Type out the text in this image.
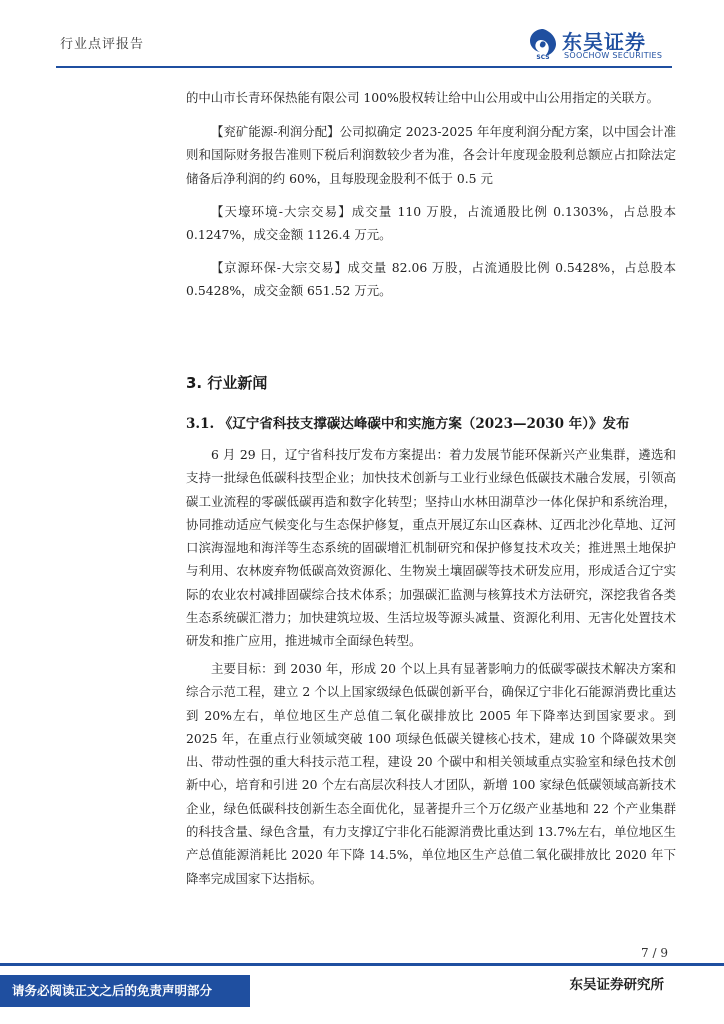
行业点评报告
SCS
东吴证券
SOOCHOW SECURITIES

的中山市长青环保热能有限公司 100%股权转让给中山公用或中山公用指定的关联方。

【兖矿能源-利润分配】公司拟确定 2023-2025 年年度利润分配方案，以中国会计准则和国际财务报告准则下税后利润数较少者为准，各会计年度现金股利总额应占扣除法定储备后净利润的约 60%，且每股现金股利不低于 0.5 元

【天壕环境-大宗交易】成交量 110 万股，占流通股比例 0.1303%，占总股本 0.1247%，成交金额 1126.4 万元。

【京源环保-大宗交易】成交量 82.06 万股，占流通股比例 0.5428%，占总股本 0.5428%，成交金额 651.52 万元。

3. 行业新闻
3.1. 《辽宁省科技支撑碳达峰碳中和实施方案（2023—2030 年）》发布

6 月 29 日，辽宁省科技厅发布方案提出：着力发展节能环保新兴产业集群，遴选和支持一批绿色低碳科技型企业；加快技术创新与工业行业绿色低碳技术融合发展，引领高碳工业流程的零碳低碳再造和数字化转型；坚持山水林田湖草沙一体化保护和系统治理，协同推动适应气候变化与生态保护修复，重点开展辽东山区森林、辽西北沙化草地、辽河口滨海湿地和海洋等生态系统的固碳增汇机制研究和保护修复技术攻关；推进黑土地保护与利用、农林废弃物低碳高效资源化、生物炭土壤固碳等技术研发应用，形成适合辽宁实际的农业农村减排固碳综合技术体系；加强碳汇监测与核算技术方法研究，深挖我省各类生态系统碳汇潜力；加快建筑垃圾、生活垃圾等源头减量、资源化利用、无害化处置技术研发和推广应用，推进城市全面绿色转型。

主要目标：到 2030 年，形成 20 个以上具有显著影响力的低碳零碳技术解决方案和综合示范工程，建立 2 个以上国家级绿色低碳创新平台，确保辽宁非化石能源消费比重达到 20%左右，单位地区生产总值二氧化碳排放比 2005 年下降率达到国家要求。到 2025 年，在重点行业领域突破 100 项绿色低碳关键核心技术，建成 10 个降碳效果突出、带动性强的重大科技示范工程，建设 20 个碳中和相关领域重点实验室和绿色技术创新中心，培育和引进 20 个左右高层次科技人才团队，新增 100 家绿色低碳领域高新技术企业，绿色低碳科技创新生态全面优化，显著提升三个万亿级产业基地和 22 个产业集群的科技含量、绿色含量，有力支撑辽宁非化石能源消费比重达到 13.7%左右，单位地区生产总值能源消耗比 2020 年下降 14.5%，单位地区生产总值二氧化碳排放比 2020 年下降率完成国家下达指标。

7 / 9
请务必阅读正文之后的免责声明部分	东吴证券研究所
